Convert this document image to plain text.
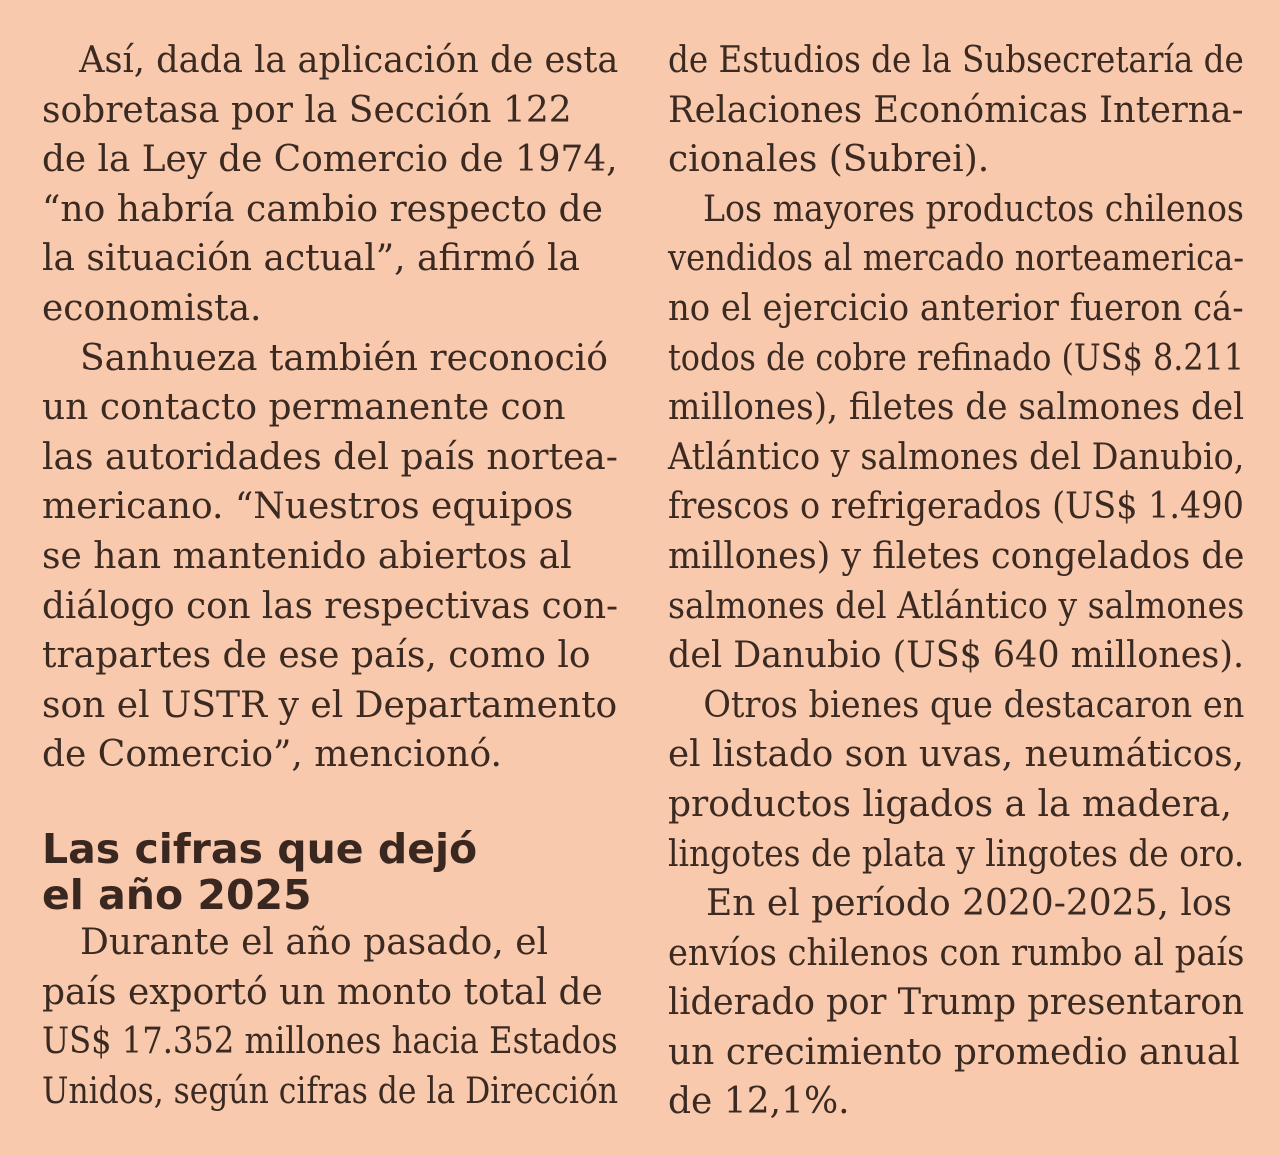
Así, dada la aplicación de esta
sobretasa por la Sección 122
de la Ley de Comercio de 1974,
“no habría cambio respecto de
la situación actual”, afirmó la
economista.
Sanhueza también reconoció
un contacto permanente con
las autoridades del país nortea-
mericano. “Nuestros equipos
se han mantenido abiertos al
diálogo con las respectivas con-
trapartes de ese país, como lo
son el USTR y el Departamento
de Comercio”, mencionó.
Las cifras que dejó
el año 2025
Durante el año pasado, el
país exportó un monto total de
US$ 17.352 millones hacia Estados
Unidos, según cifras de la Dirección
de Estudios de la Subsecretaría de
Relaciones Económicas Interna-
cionales (Subrei).
Los mayores productos chilenos
vendidos al mercado norteamerica-
no el ejercicio anterior fueron cá-
todos de cobre refinado (US$ 8.211
millones), filetes de salmones del
Atlántico y salmones del Danubio,
frescos o refrigerados (US$ 1.490
millones) y filetes congelados de
salmones del Atlántico y salmones
del Danubio (US$ 640 millones).
Otros bienes que destacaron en
el listado son uvas, neumáticos,
productos ligados a la madera,
lingotes de plata y lingotes de oro.
En el período 2020-2025, los
envíos chilenos con rumbo al país
liderado por Trump presentaron
un crecimiento promedio anual
de 12,1%.
